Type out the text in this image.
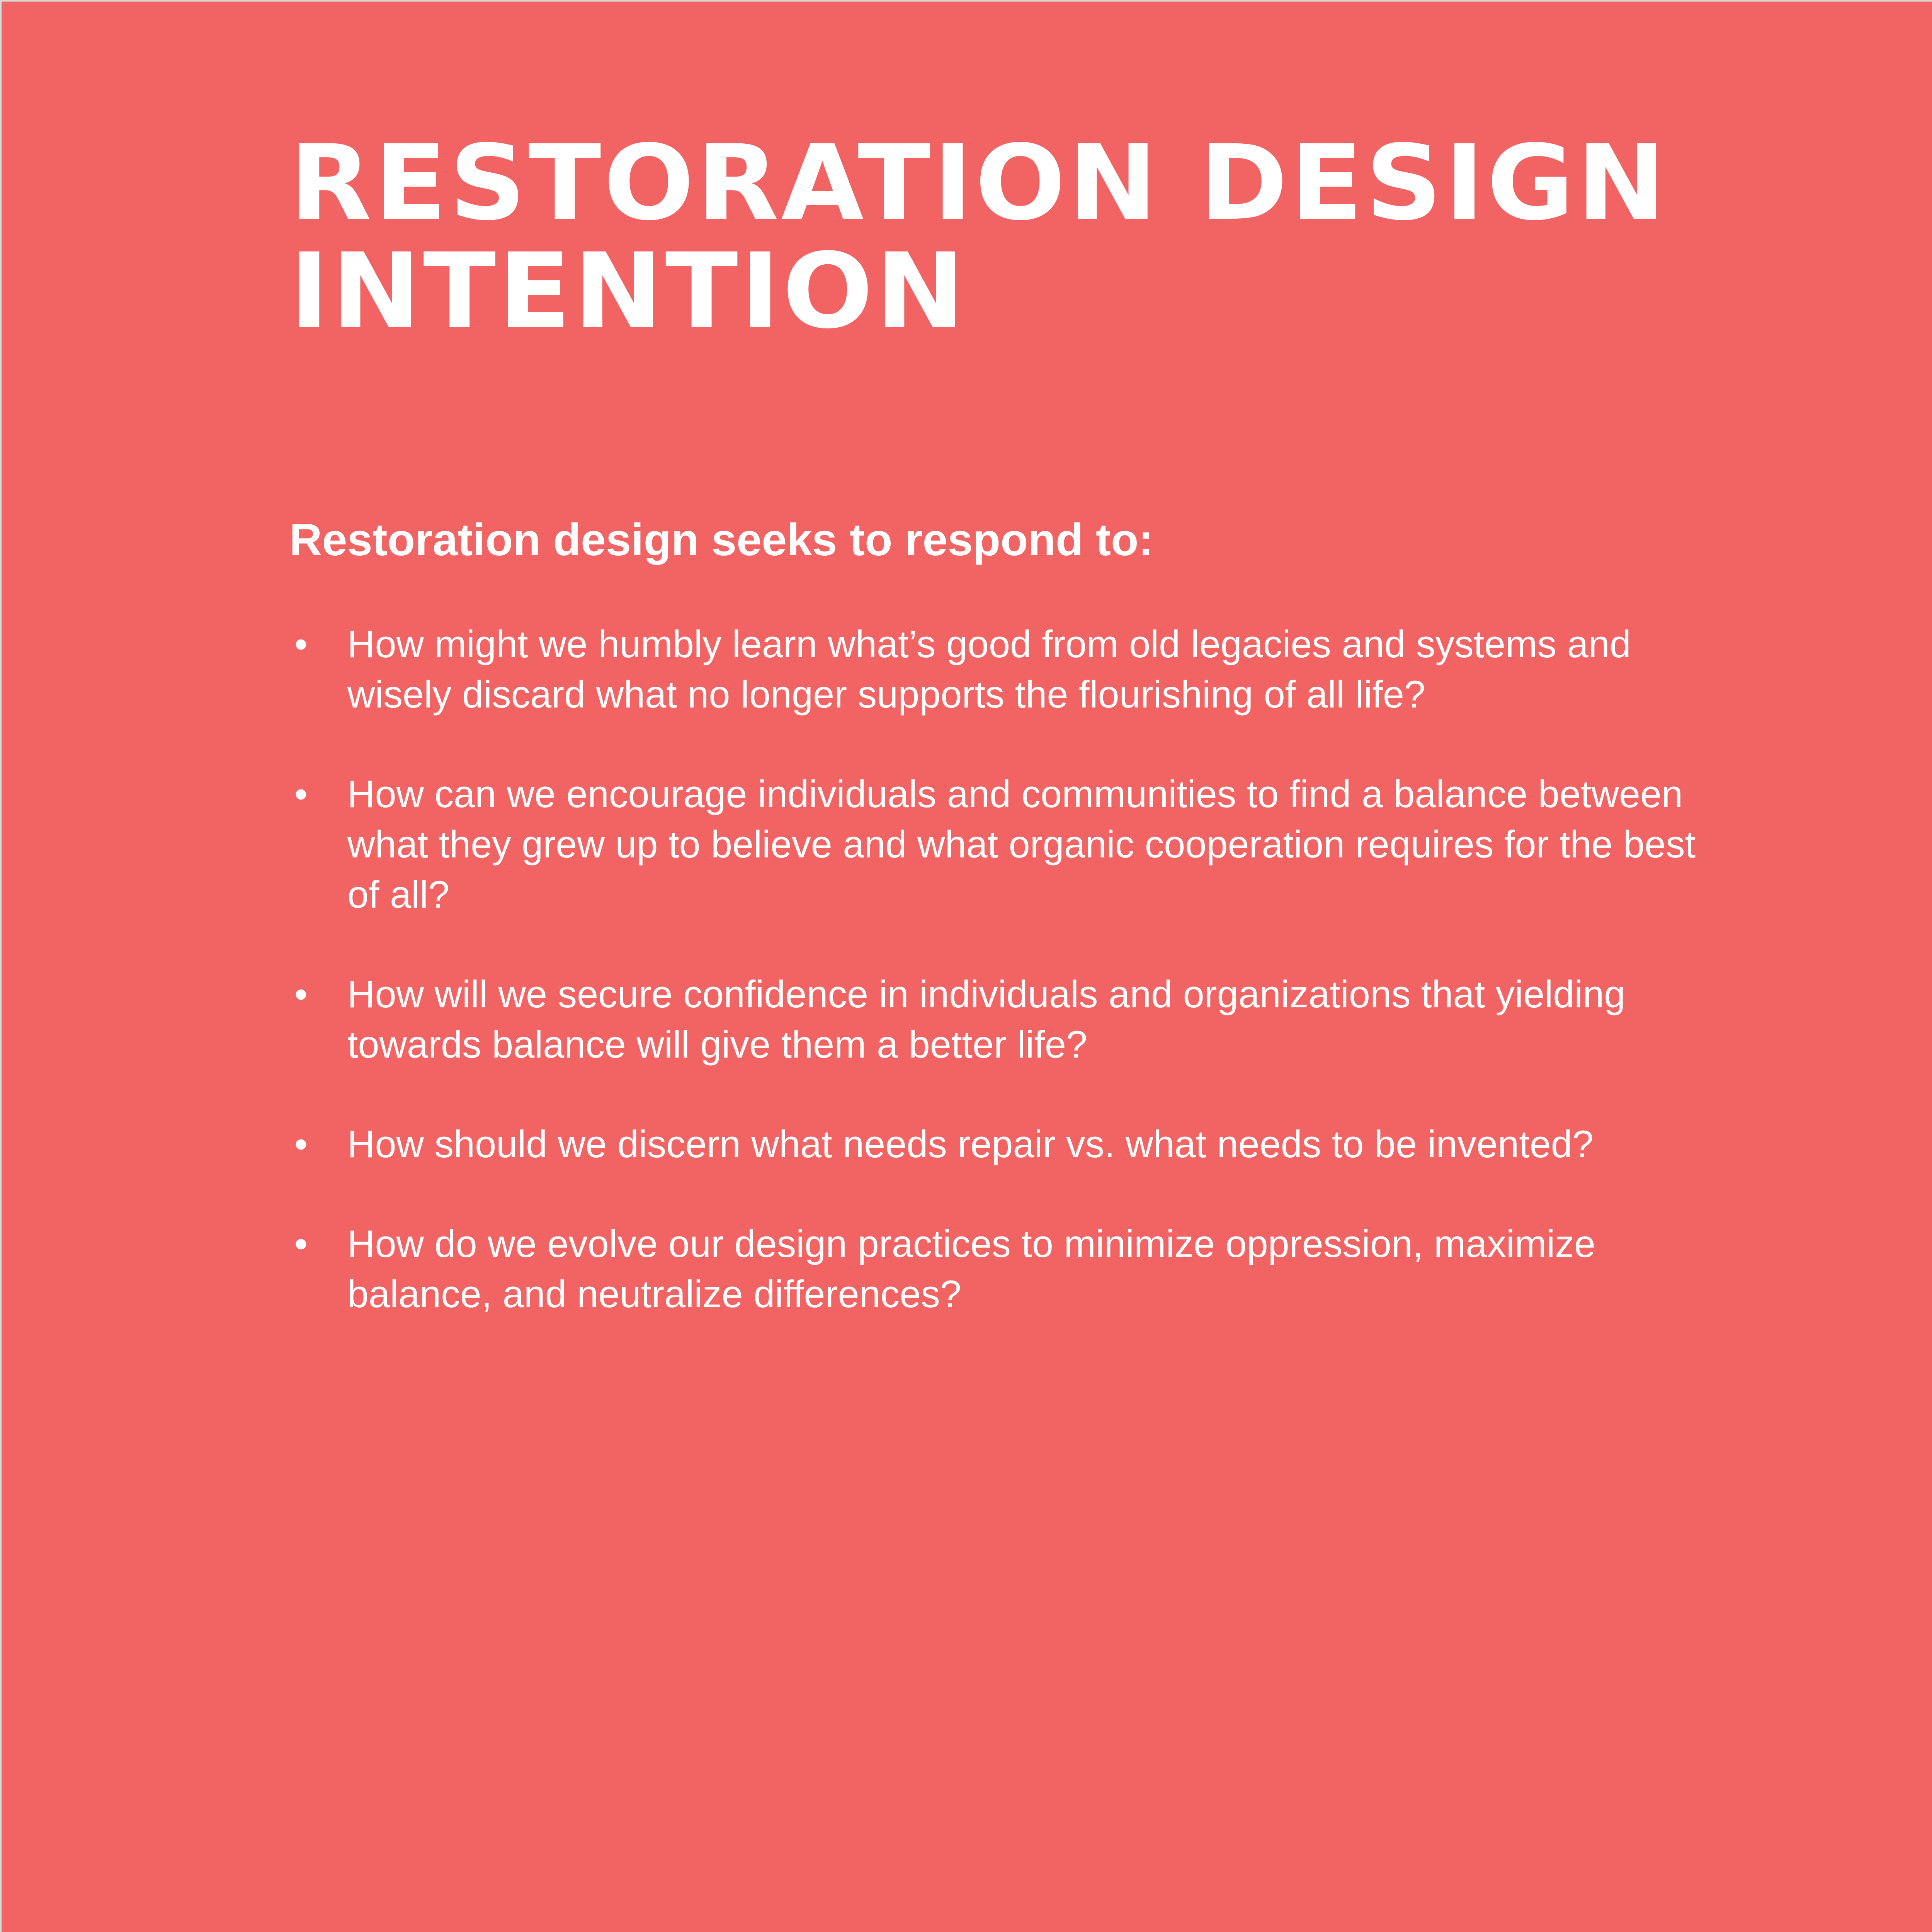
RESTORATION DESIGN INTENTION

Restoration design seeks to respond to:

• How might we humbly learn what’s good from old legacies and systems and wisely discard what no longer supports the flourishing of all life?
• How can we encourage individuals and communities to find a balance between what they grew up to believe and what organic cooperation requires for the best of all?
• How will we secure confidence in individuals and organizations that yielding towards balance will give them a better life?
• How should we discern what needs repair vs. what needs to be invented?
• How do we evolve our design practices to minimize oppression, maximize balance, and neutralize differences?
